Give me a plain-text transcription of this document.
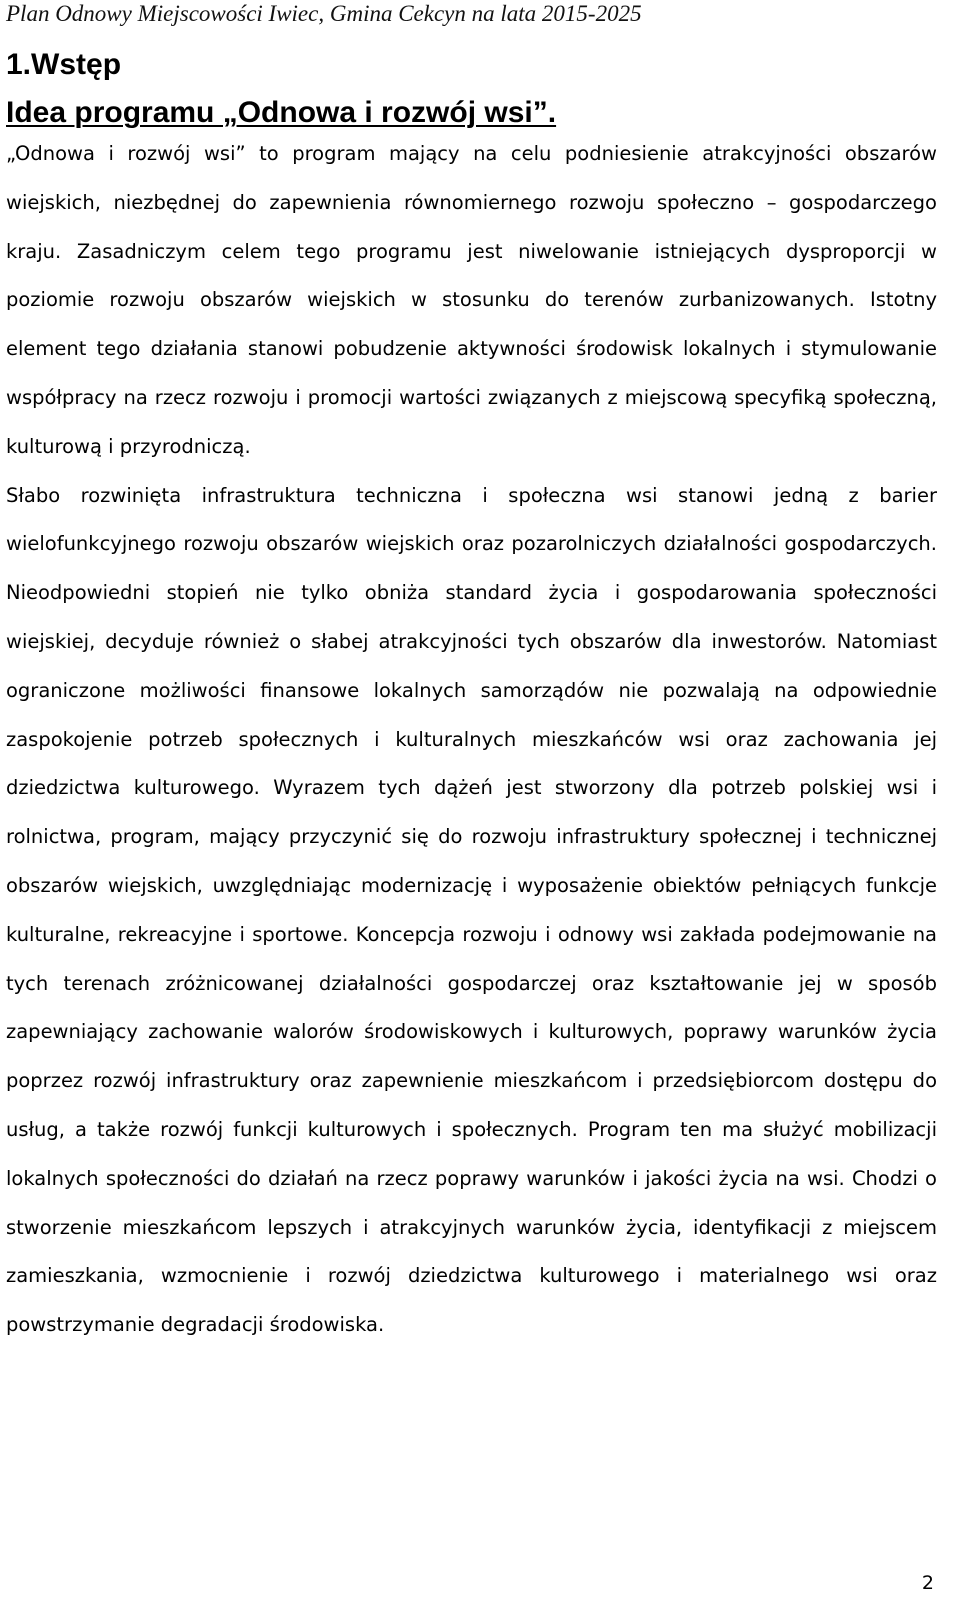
Plan Odnowy Miejscowości Iwiec, Gmina Cekcyn na lata 2015-2025
1.Wstęp
Idea programu „Odnowa i rozwój wsi”.

„Odnowa i rozwój wsi” to program mający na celu podniesienie atrakcyjności obszarów wiejskich, niezbędnej do zapewnienia równomiernego rozwoju społeczno – gospodarczego kraju. Zasadniczym celem tego programu jest niwelowanie istniejących dysproporcji w poziomie rozwoju obszarów wiejskich w stosunku do terenów zurbanizowanych. Istotny element tego działania stanowi pobudzenie aktywności środowisk lokalnych i stymulowanie współpracy na rzecz rozwoju i promocji wartości związanych z miejscową specyfiką społeczną, kulturową i przyrodniczą.

Słabo rozwinięta infrastruktura techniczna i społeczna wsi stanowi jedną z barier wielofunkcyjnego rozwoju obszarów wiejskich oraz pozarolniczych działalności gospodarczych. Nieodpowiedni stopień nie tylko obniża standard życia i gospodarowania społeczności wiejskiej, decyduje również o słabej atrakcyjności tych obszarów dla inwestorów. Natomiast ograniczone możliwości finansowe lokalnych samorządów nie pozwalają na odpowiednie zaspokojenie potrzeb społecznych i kulturalnych mieszkańców wsi oraz zachowania jej dziedzictwa kulturowego. Wyrazem tych dążeń jest stworzony dla potrzeb polskiej wsi i rolnictwa, program, mający przyczynić się do rozwoju infrastruktury społecznej i technicznej obszarów wiejskich, uwzględniając modernizację i wyposażenie obiektów pełniących funkcje kulturalne, rekreacyjne i sportowe. Koncepcja rozwoju i odnowy wsi zakłada podejmowanie na tych terenach zróżnicowanej działalności gospodarczej oraz kształtowanie jej w sposób zapewniający zachowanie walorów środowiskowych i kulturowych, poprawy warunków życia poprzez rozwój infrastruktury oraz zapewnienie mieszkańcom i przedsiębiorcom dostępu do usług, a także rozwój funkcji kulturowych i społecznych. Program ten ma służyć mobilizacji lokalnych społeczności do działań na rzecz poprawy warunków i jakości życia na wsi. Chodzi o stworzenie mieszkańcom lepszych i atrakcyjnych warunków życia, identyfikacji z miejscem zamieszkania, wzmocnienie i rozwój dziedzictwa kulturowego i materialnego wsi oraz powstrzymanie degradacji środowiska.

2
